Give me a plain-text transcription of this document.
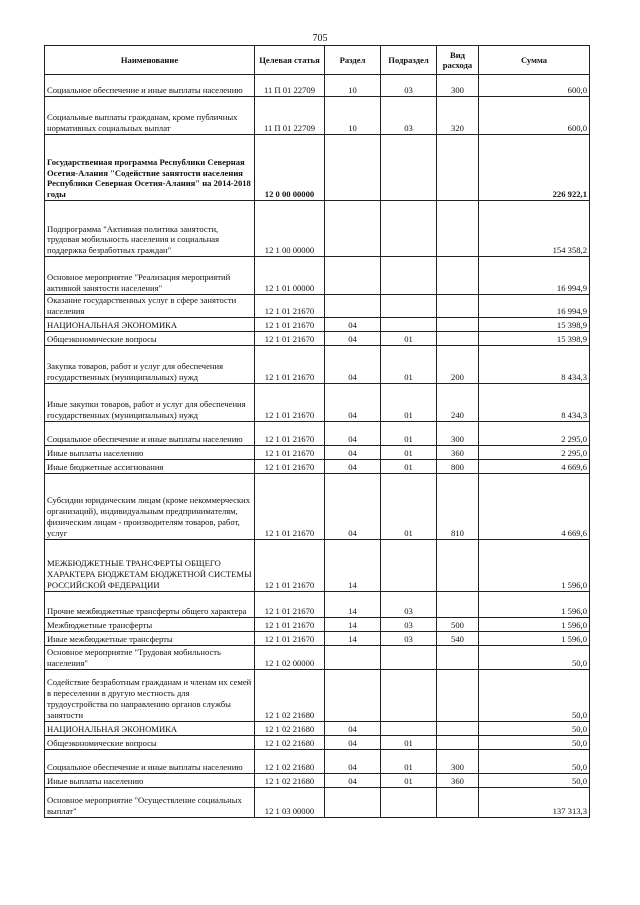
705
Наименование	Целевая статья	Раздел	Подраздел	Вид расхода	Сумма
Социальное обеспечение и иные выплаты населению	11 П 01 22709	10	03	300	600,0
Социальные выплаты гражданам, кроме публичных нормативных социальных выплат	11 П 01 22709	10	03	320	600,0
Государственная программа Республики Северная Осетия-Алания "Содействие занятости населения Республики Северная Осетия-Алания" на 2014-2018 годы	12 0 00 00000				226 922,1
Подпрограмма "Активная политика занятости, трудовая мобильность населения и социальная поддержка безработных граждан"	12 1 00 00000				154 358,2
Основное мероприятие "Реализация мероприятий активной занятости населения"	12 1 01 00000				16 994,9
Оказание государственных услуг в сфере занятости населения	12 1 01 21670				16 994,9
НАЦИОНАЛЬНАЯ ЭКОНОМИКА	12 1 01 21670	04			15 398,9
Общеэкономические вопросы	12 1 01 21670	04	01		15 398,9
Закупка товаров, работ и услуг для обеспечения государственных (муниципальных) нужд	12 1 01 21670	04	01	200	8 434,3
Иные закупки товаров, работ и услуг для обеспечения государственных (муниципальных) нужд	12 1 01 21670	04	01	240	8 434,3
Социальное обеспечение и иные выплаты населению	12 1 01 21670	04	01	300	2 295,0
Иные выплаты населению	12 1 01 21670	04	01	360	2 295,0
Иные бюджетные ассигнования	12 1 01 21670	04	01	800	4 669,6
Субсидии юридическим лицам (кроме некоммерческих организаций), индивидуальным предпринимателям, физическим лицам - производителям товаров, работ, услуг	12 1 01 21670	04	01	810	4 669,6
МЕЖБЮДЖЕТНЫЕ ТРАНСФЕРТЫ ОБЩЕГО ХАРАКТЕРА БЮДЖЕТАМ БЮДЖЕТНОЙ СИСТЕМЫ РОССИЙСКОЙ ФЕДЕРАЦИИ	12 1 01 21670	14			1 596,0
Прочие межбюджетные трансферты общего характера	12 1 01 21670	14	03		1 596,0
Межбюджетные трансферты	12 1 01 21670	14	03	500	1 596,0
Иные межбюджетные трансферты	12 1 01 21670	14	03	540	1 596,0
Основное мероприятие "Трудовая мобильность населения"	12 1 02 00000				50,0
Содействие безработным гражданам и членам их семей в переселении в другую местность для трудоустройства по направлению органов службы занятости	12 1 02 21680				50,0
НАЦИОНАЛЬНАЯ ЭКОНОМИКА	12 1 02 21680	04			50,0
Общеэкономические вопросы	12 1 02 21680	04	01		50,0
Социальное обеспечение и иные выплаты населению	12 1 02 21680	04	01	300	50,0
Иные выплаты населению	12 1 02 21680	04	01	360	50,0
Основное мероприятие "Осуществление социальных выплат"	12 1 03 00000				137 313,3
